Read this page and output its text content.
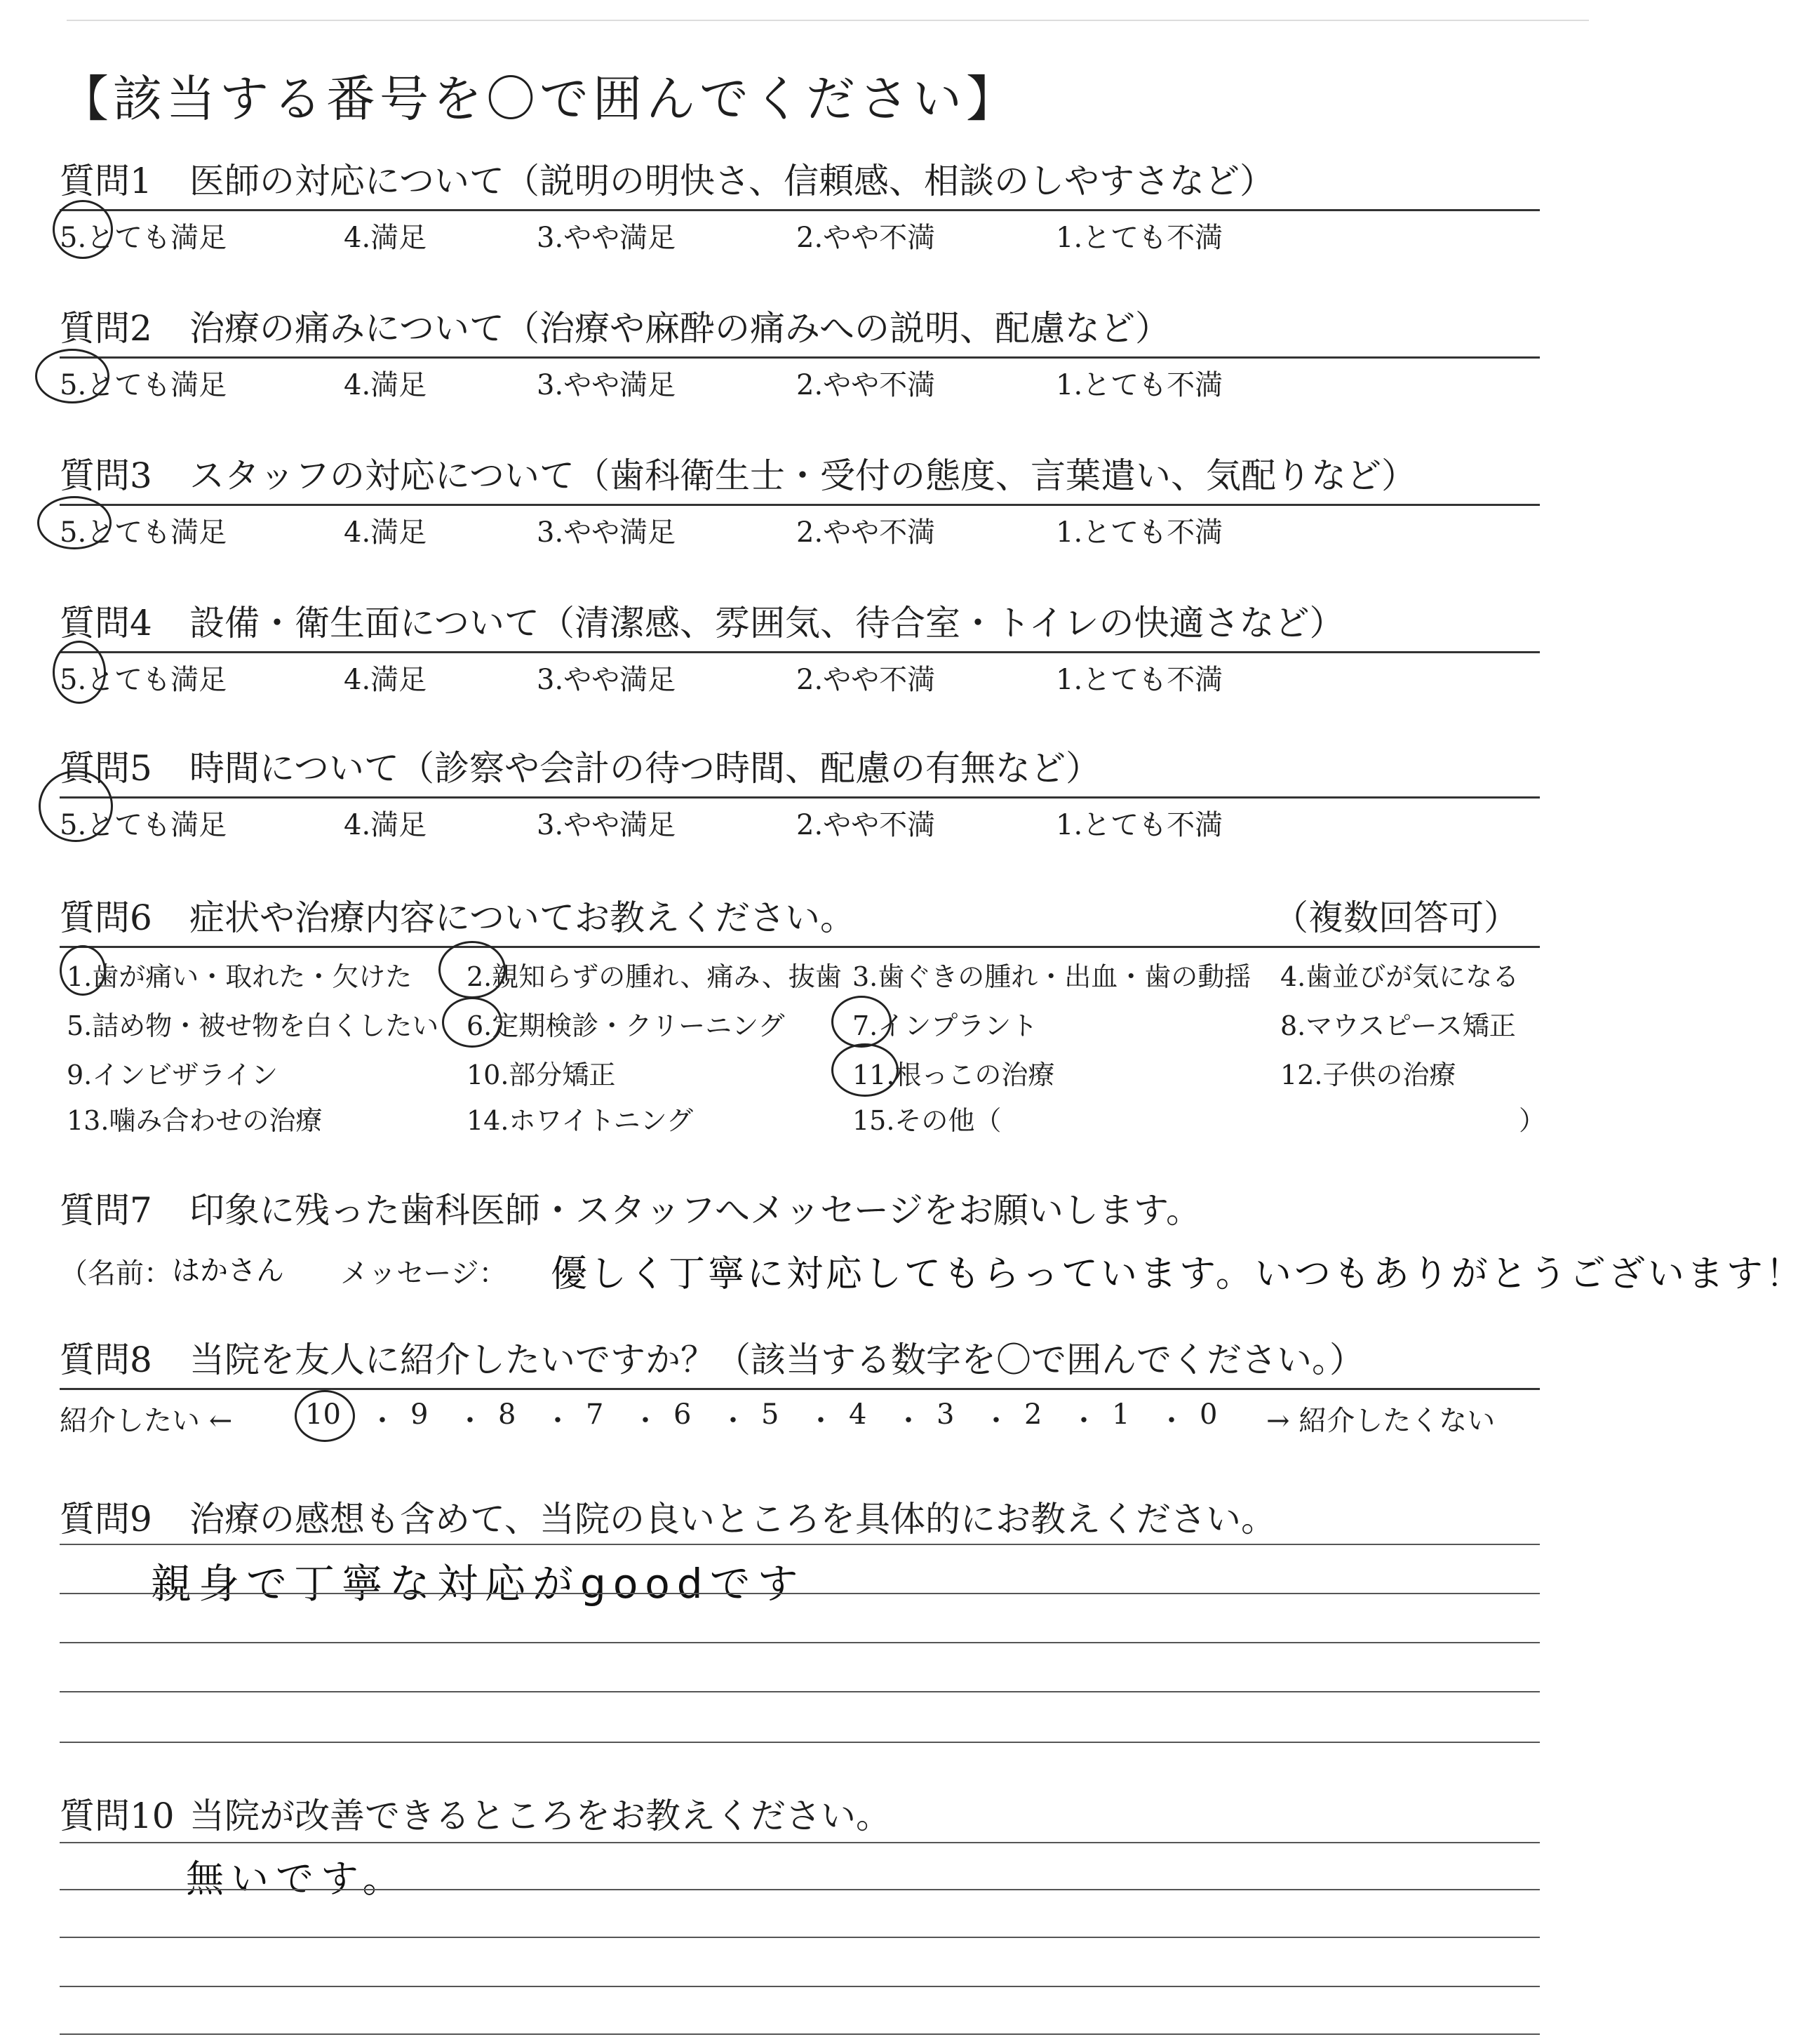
【該当する番号を〇で囲んでください】
質問1 医師の対応について（説明の明快さ、信頼感、相談のしやすさなど）
5.とても満足	4.満足	3.やや満足	2.やや不満	1.とても不満
質問2 治療の痛みについて（治療や麻酔の痛みへの説明、配慮など）
5.とても満足	4.満足	3.やや満足	2.やや不満	1.とても不満
質問3 スタッフの対応について（歯科衛生士・受付の態度、言葉遣い、気配りなど）
5.とても満足	4.満足	3.やや満足	2.やや不満	1.とても不満
質問4 設備・衛生面について（清潔感、雰囲気、待合室・トイレの快適さなど）
5.とても満足	4.満足	3.やや満足	2.やや不満	1.とても不満
質問5 時間について（診察や会計の待つ時間、配慮の有無など）
5.とても満足	4.満足	3.やや満足	2.やや不満	1.とても不満
質問6 症状や治療内容についてお教えください。	（複数回答可）
1.歯が痛い・取れた・欠けた 2.親知らずの腫れ、痛み、抜歯 3.歯ぐきの腫れ・出血・歯の動揺 4.歯並びが気になる
5.詰め物・被せ物を白くしたい 6.定期検診・クリーニング	7.インプラント	8.マウスピース矯正
9.インビザライン	10.部分矯正	11.根っこの治療	12.子供の治療
13.噛み合わせの治療	14.ホワイトニング	15.その他（	）
質問7 印象に残った歯科医師・スタッフへメッセージをお願いします。
（名前： はかさん メッセージ： 優しく丁寧に対応してもらっています。いつもありがとうございます！
質問8 当院を友人に紹介したいですか？（該当する数字を〇で囲んでください。）
紹介したい ←	10 ・ 9 ・ 8 ・ 7 ・ 6 ・ 5 ・ 4 ・ 3 ・ 2 ・ 1 ・ 0 → 紹介したくない
質問9 治療の感想も含めて、当院の良いところを具体的にお教えください。
親身で丁寧な対応がgoodです
質問10 当院が改善できるところをお教えください。
無いです。
